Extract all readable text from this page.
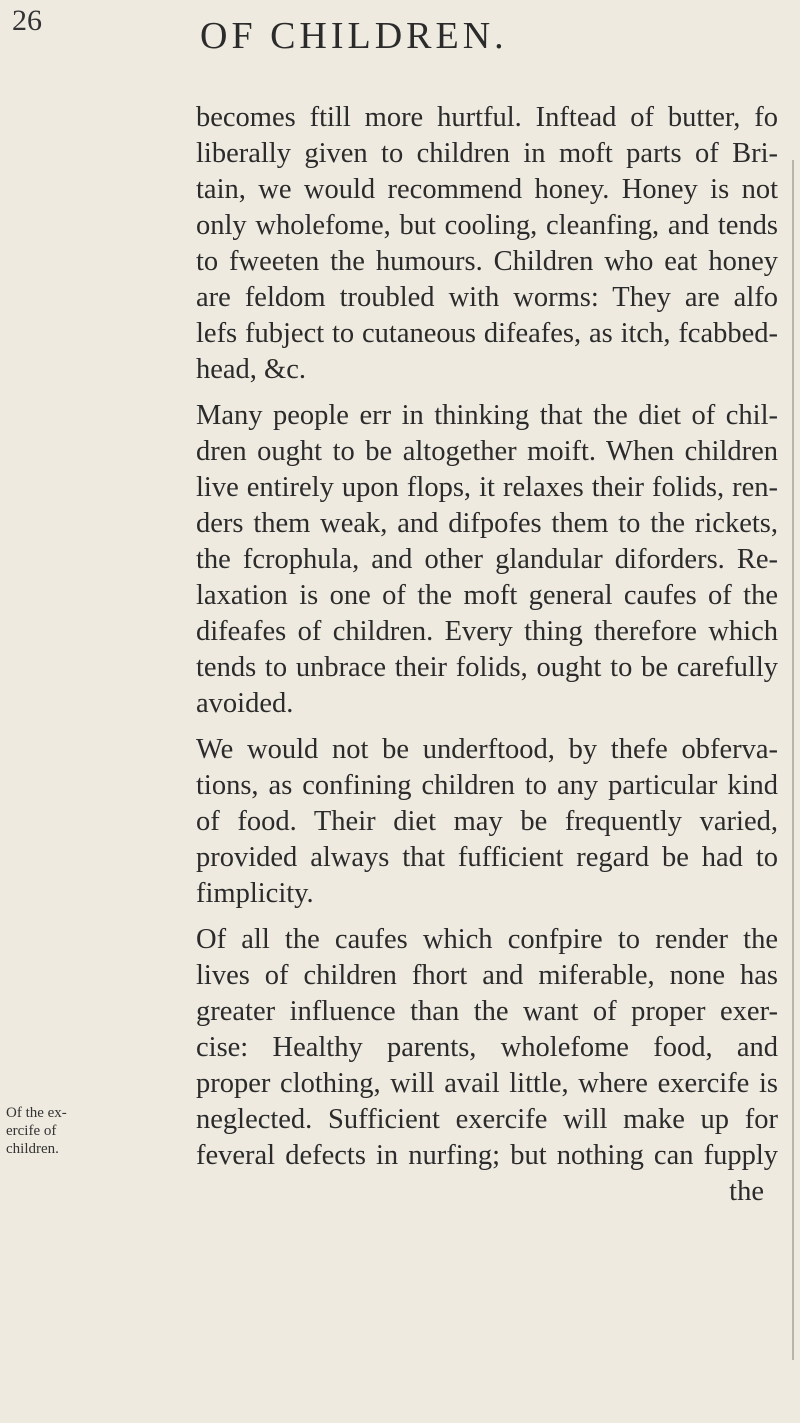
26	OF CHILDREN.
Of the ex-
ercife of
children.
becomes ftill more hurtful. Inftead of butter, fo
liberally given to children in moft parts of Bri-
tain, we would recommend honey. Honey is not
only wholefome, but cooling, cleanfing, and tends
to fweeten the humours. Children who eat honey
are feldom troubled with worms: They are alfo
lefs fubject to cutaneous difeafes, as itch, fcabbed-
head, &c.
Many people err in thinking that the diet of chil-
dren ought to be altogether moift. When children
live entirely upon flops, it relaxes their folids, ren-
ders them weak, and difpofes them to the rickets,
the fcrophula, and other glandular diforders. Re-
laxation is one of the moft general caufes of the
difeafes of children. Every thing therefore which
tends to unbrace their folids, ought to be carefully
avoided.
We would not be underftood, by thefe obferva-
tions, as confining children to any particular kind
of food. Their diet may be frequently varied,
provided always that fufficient regard be had to
fimplicity.
Of all the caufes which confpire to render the
lives of children fhort and miferable, none has
greater influence than the want of proper exer-
cise: Healthy parents, wholefome food, and
proper clothing, will avail little, where exercife is
neglected. Sufficient exercife will make up for
feveral defects in nurfing; but nothing can fupply
the
